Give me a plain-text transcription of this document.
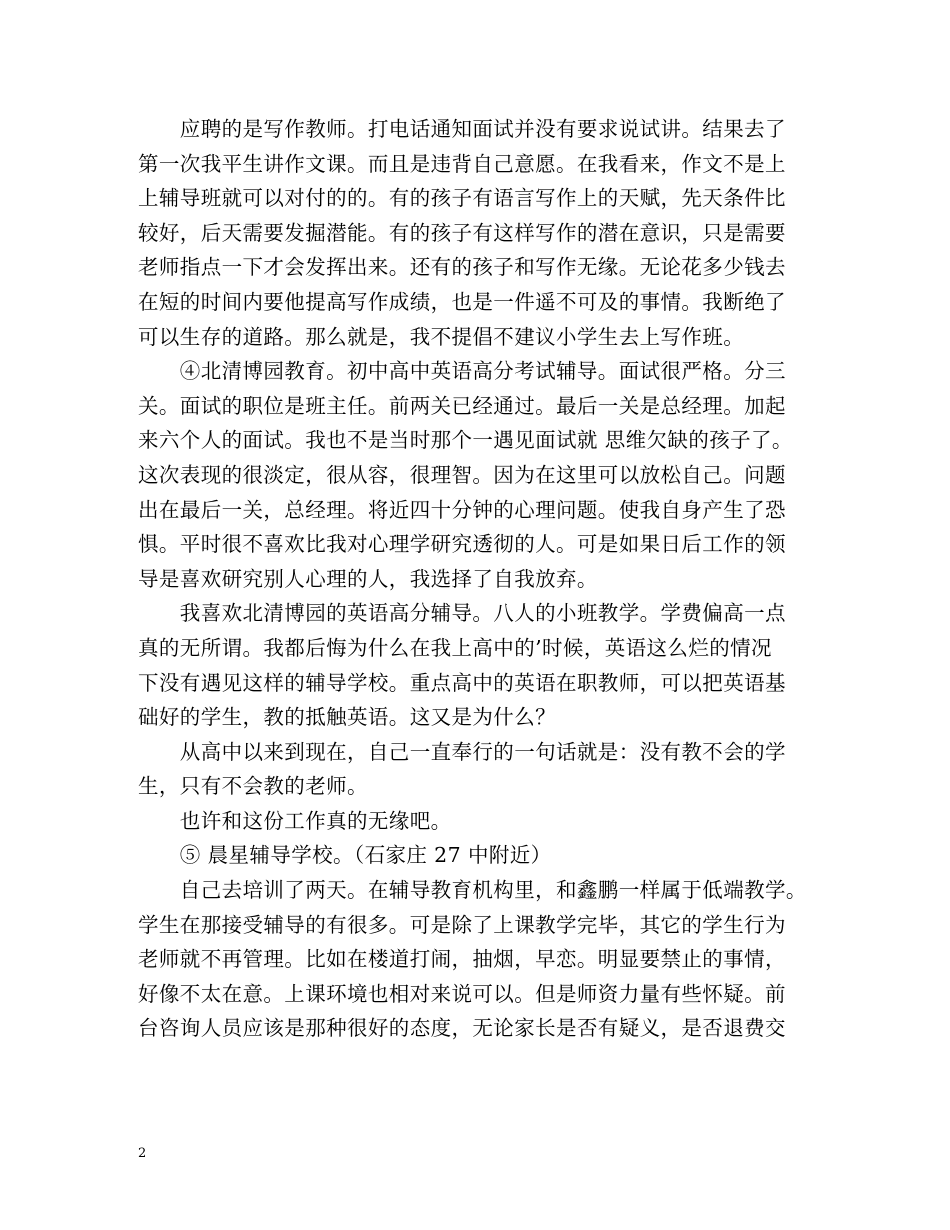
　　应聘的是写作教师。打电话通知面试并没有要求说试讲。结果去了
第一次我平生讲作文课。而且是违背自己意愿。在我看来，作文不是上
上辅导班就可以对付的的。有的孩子有语言写作上的天赋，先天条件比
较好，后天需要发掘潜能。有的孩子有这样写作的潜在意识，只是需要
老师指点一下才会发挥出来。还有的孩子和写作无缘。无论花多少钱去
在短的时间内要他提高写作成绩，也是一件遥不可及的事情。我断绝了
可以生存的道路。那么就是，我不提倡不建议小学生去上写作班。
　　④北清博园教育。初中高中英语高分考试辅导。面试很严格。分三
关。面试的职位是班主任。前两关已经通过。最后一关是总经理。加起
来六个人的面试。我也不是当时那个一遇见面试就 思维欠缺的孩子了。
这次表现的很淡定，很从容，很理智。因为在这里可以放松自己。问题
出在最后一关，总经理。将近四十分钟的心理问题。使我自身产生了恐
惧。平时很不喜欢比我对心理学研究透彻的人。可是如果日后工作的领
导是喜欢研究别人心理的人，我选择了自我放弃。
　　我喜欢北清博园的英语高分辅导。八人的小班教学。学费偏高一点
真的无所谓。我都后悔为什么在我上高中的’时候，英语这么烂的情况
下没有遇见这样的辅导学校。重点高中的英语在职教师，可以把英语基
础好的学生，教的抵触英语。这又是为什么？
　　从高中以来到现在，自己一直奉行的一句话就是：没有教不会的学
生，只有不会教的老师。
　　也许和这份工作真的无缘吧。
　　⑤ 晨星辅导学校。（石家庄 27 中附近）
　　自己去培训了两天。在辅导教育机构里，和鑫鹏一样属于低端教学。
学生在那接受辅导的有很多。可是除了上课教学完毕，其它的学生行为
老师就不再管理。比如在楼道打闹，抽烟，早恋。明显要禁止的事情，
好像不太在意。上课环境也相对来说可以。但是师资力量有些怀疑。前
台咨询人员应该是那种很好的态度，无论家长是否有疑义，是否退费交
2
